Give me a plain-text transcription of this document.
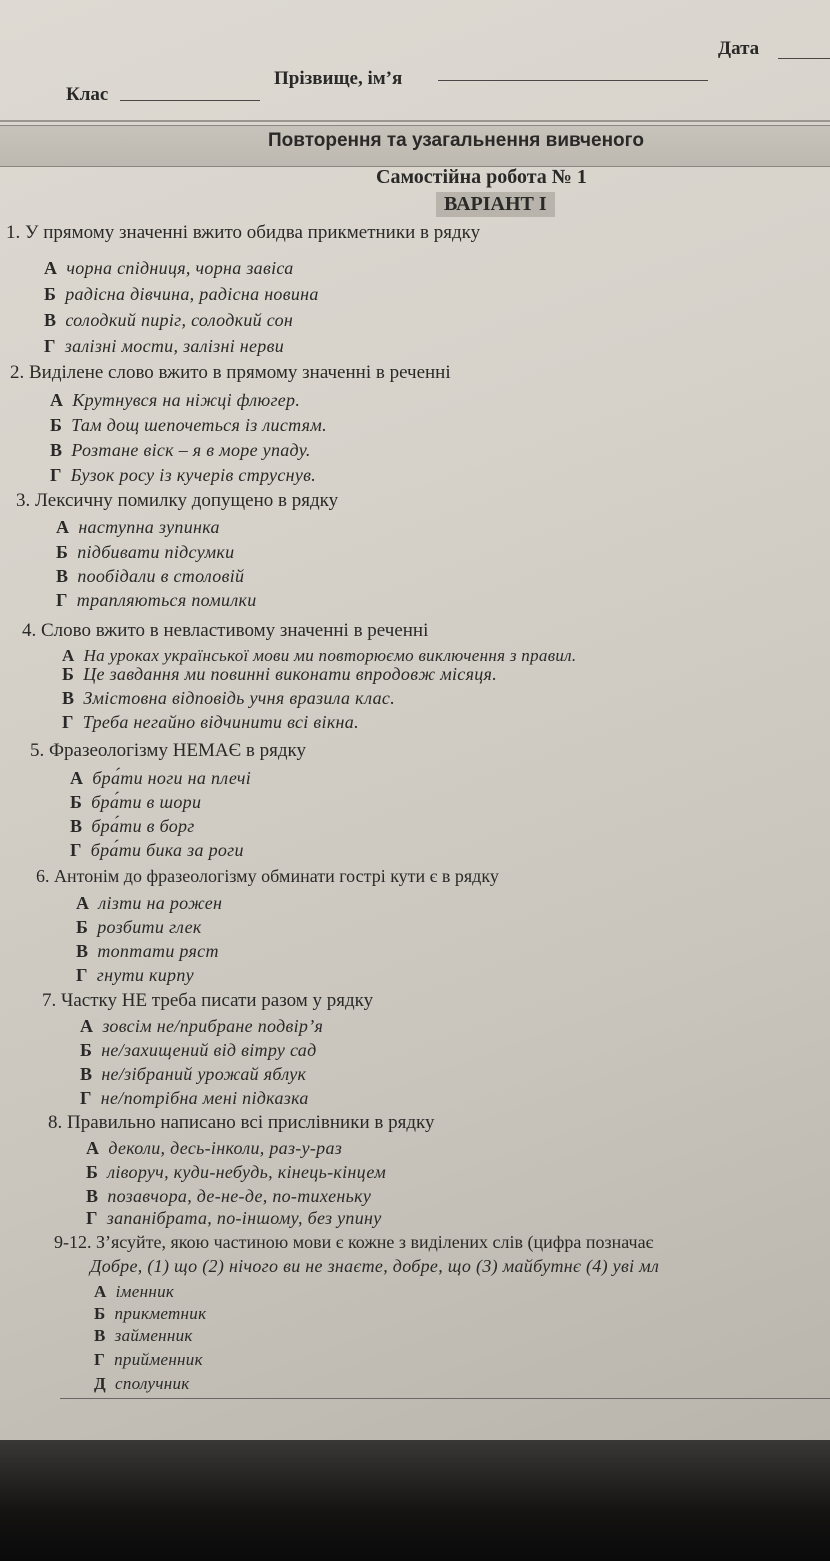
Дата
Клас
Прізвище, ім’я
Повторення та узагальнення вивченого
Самостійна робота № 1
ВАРІАНТ І
1. У прямому значенні вжито обидва прикметники в рядку
А чорна спідниця, чорна завіса
Б радісна дівчина, радісна новина
В солодкий пиріг, солодкий сон
Г залізні мости, залізні нерви
2. Виділене слово вжито в прямому значенні в реченні
А Крутнувся на ніжці флюгер.
Б Там дощ шепочеться із листям.
В Розтане віск – я в море упаду.
Г Бузок росу із кучерів струснув.
3. Лексичну помилку допущено в рядку
А наступна зупинка
Б підбивати підсумки
В пообідали в столовій
Г трапляються помилки
4. Слово вжито в невластивому значенні в реченні
А На уроках української мови ми повторюємо виключення з правил.
Б Це завдання ми повинні виконати впродовж місяця.
В Змістовна відповідь учня вразила клас.
Г Треба негайно відчинити всі вікна.
5. Фразеологізму НЕМАЄ в рядку
А бра́ти ноги на плечі
Б бра́ти в шори
В бра́ти в борг
Г бра́ти бика за роги
6. Антонім до фразеологізму обминати гострі кути є в рядку
А лізти на рожен
Б розбити глек
В топтати ряст
Г гнути кирпу
7. Частку НЕ треба писати разом у рядку
А зовсім не/прибране подвір’я
Б не/захищений від вітру сад
В не/зібраний урожай яблук
Г не/потрібна мені підказка
8. Правильно написано всі прислівники в рядку
А деколи, десь-інколи, раз-у-раз
Б ліворуч, куди-небудь, кінець-кінцем
В позавчора, де-не-де, по-тихеньку
Г запанібрата, по-іншому, без упину
9-12. З’ясуйте, якою частиною мови є кожне з виділених слів (цифра позначає
Добре, (1) що (2) нічого ви не знаєте, добре, що (3) майбутнє (4) уві мл
А іменник
Б прикметник
В займенник
Г прийменник
Д сполучник
